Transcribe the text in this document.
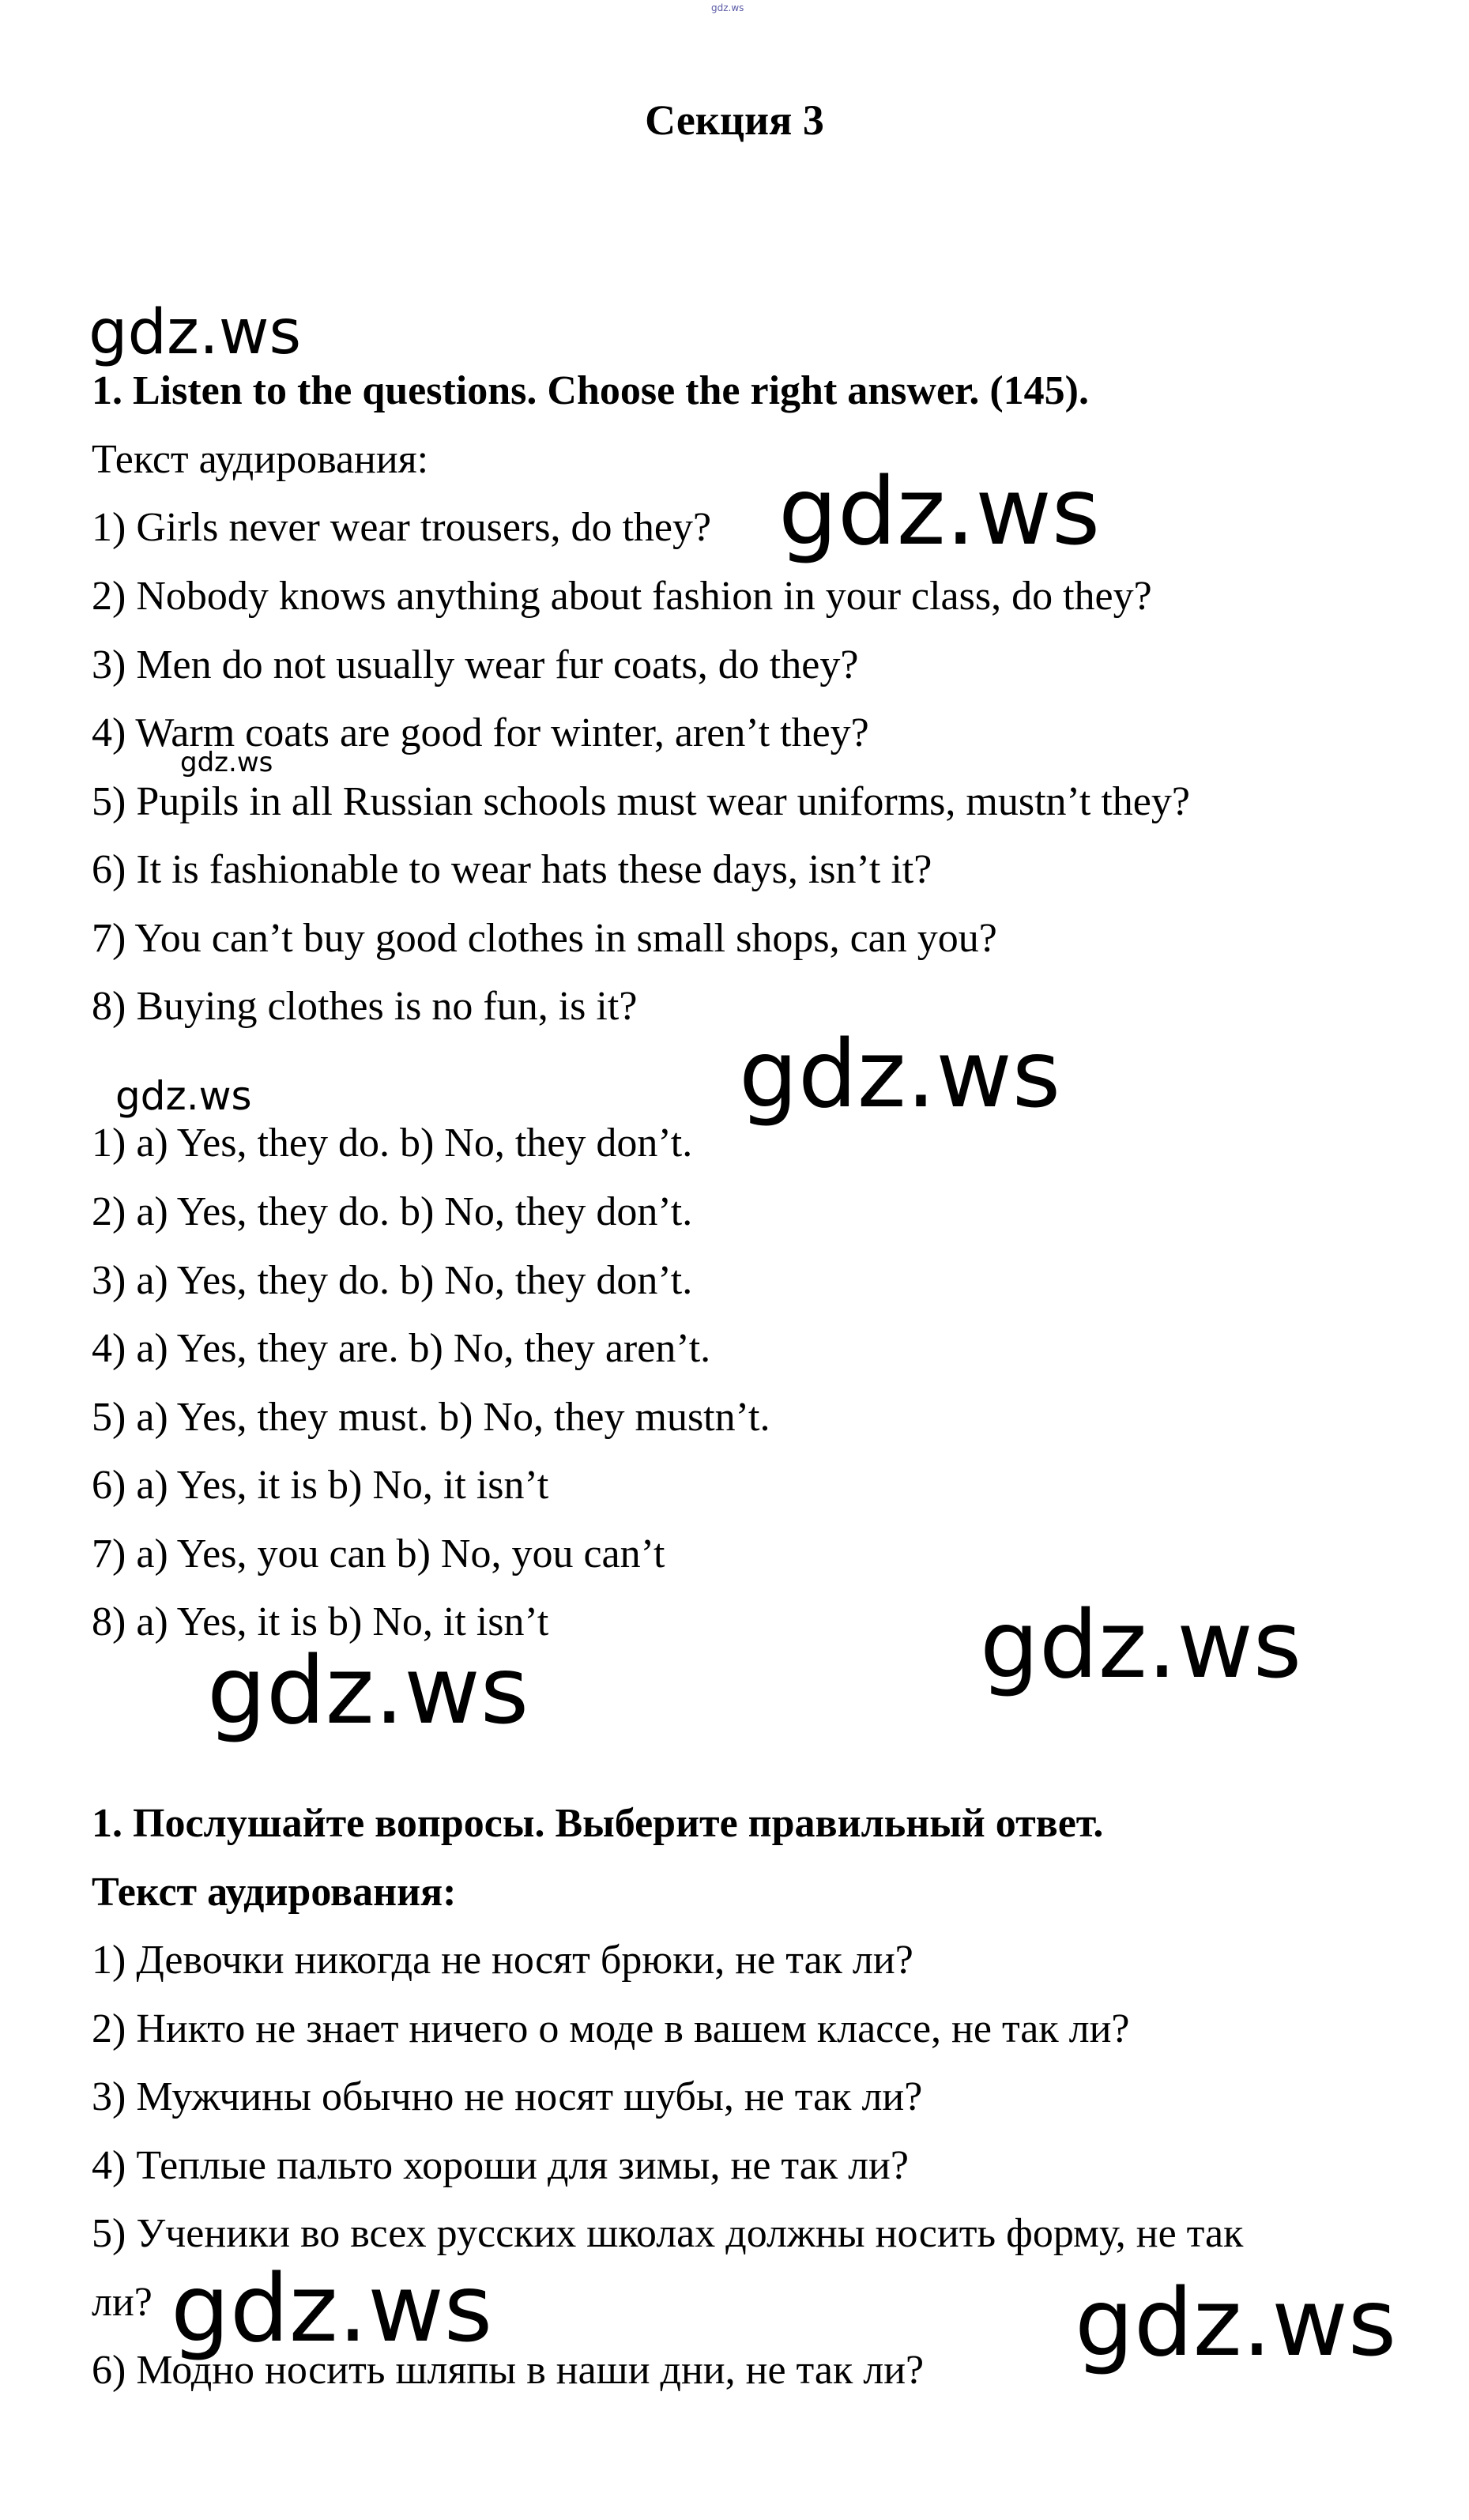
gdz.ws
Секция 3
gdz.ws
1. Listen to the questions. Choose the right answer. (145).
Текст аудирования:
1) Girls never wear trousers, do they?
2) Nobody knows anything about fashion in your class, do they?
3) Men do not usually wear fur coats, do they?
4) Warm coats are good for winter, aren’t they?
5) Pupils in all Russian schools must wear uniforms, mustn’t they?
6) It is fashionable to wear hats these days, isn’t it?
7) You can’t buy good clothes in small shops, can you?
8) Buying clothes is no fun, is it?
gdz.ws
gdz.ws
gdz.ws
gdz.ws
1) a) Yes, they do. b) No, they don’t.
2) a) Yes, they do. b) No, they don’t.
3) a) Yes, they do. b) No, they don’t.
4) a) Yes, they are. b) No, they aren’t.
5) a) Yes, they must. b) No, they mustn’t.
6) a) Yes, it is b) No, it isn’t
7) a) Yes, you can b) No, you can’t
8) a) Yes, it is b) No, it isn’t	gdz.ws
gdz.ws
1. Послушайте вопросы. Выберите правильный ответ.
Текст аудирования:
1) Девочки никогда не носят брюки, не так ли?
2) Никто не знает ничего о моде в вашем классе, не так ли?
3) Мужчины обычно не носят шубы, не так ли?
4) Теплые пальто хороши для зимы, не так ли?
5) Ученики во всех русских школах должны носить форму, не так
ли?
6) Модно носить шляпы в наши дни, не так ли?
gdz.ws	gdz.ws
